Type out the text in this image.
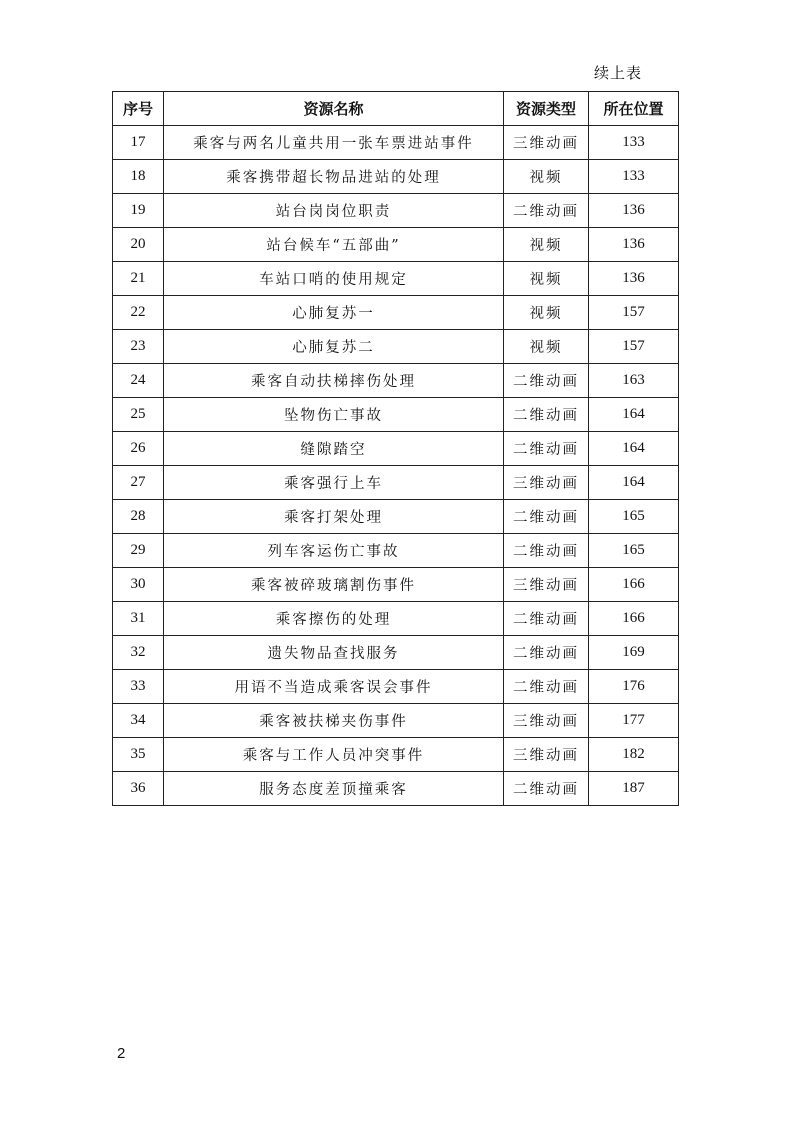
续上表
序号	资源名称	资源类型	所在位置
17	乘客与两名儿童共用一张车票进站事件	三维动画	133
18	乘客携带超长物品进站的处理	视频	133
19	站台岗岗位职责	二维动画	136
20	站台候车“五部曲”	视频	136
21	车站口哨的使用规定	视频	136
22	心肺复苏一	视频	157
23	心肺复苏二	视频	157
24	乘客自动扶梯摔伤处理	二维动画	163
25	坠物伤亡事故	二维动画	164
26	缝隙踏空	二维动画	164
27	乘客强行上车	三维动画	164
28	乘客打架处理	二维动画	165
29	列车客运伤亡事故	二维动画	165
30	乘客被碎玻璃割伤事件	三维动画	166
31	乘客擦伤的处理	二维动画	166
32	遗失物品查找服务	二维动画	169
33	用语不当造成乘客误会事件	二维动画	176
34	乘客被扶梯夹伤事件	三维动画	177
35	乘客与工作人员冲突事件	三维动画	182
36	服务态度差顶撞乘客	二维动画	187
2
